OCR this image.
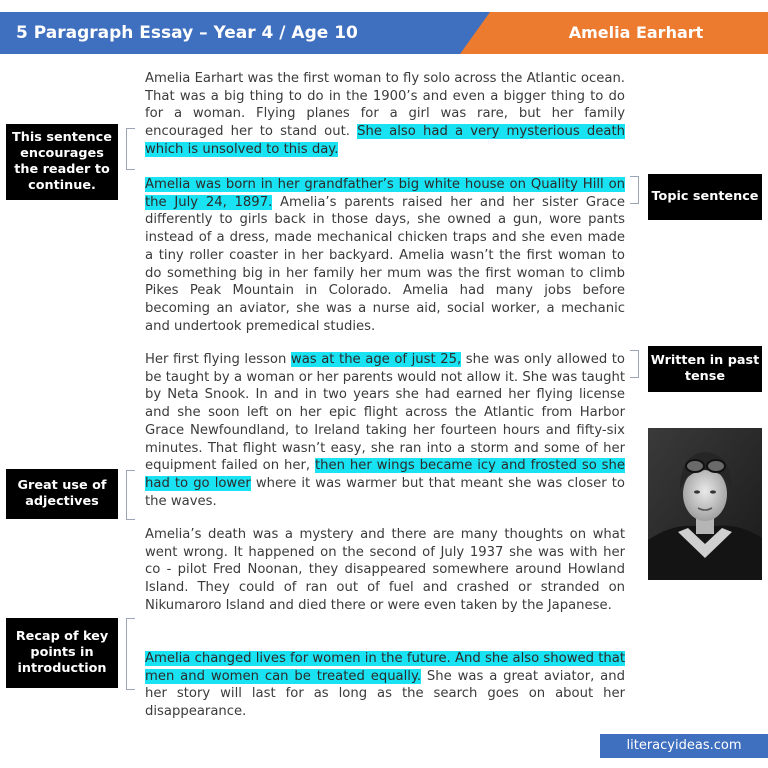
5 Paragraph Essay – Year 4 / Age 10	Amelia Earhart

Amelia Earhart was the first woman to fly solo across the Atlantic ocean. That was a big thing to do in the 1900’s and even a bigger thing to do for a woman. Flying planes for a girl was rare, but her family encouraged her to stand out. She also had a very mysterious death which is unsolved to this day.

Amelia was born in her grandfather’s big white house on Quality Hill on the July 24, 1897. Amelia’s parents raised her and her sister Grace differently to girls back in those days, she owned a gun, wore pants instead of a dress, made mechanical chicken traps and she even made a tiny roller coaster in her backyard. Amelia wasn’t the first woman to do something big in her family her mum was the first woman to climb Pikes Peak Mountain in Colorado. Amelia had many jobs before becoming an aviator, she was a nurse aid, social worker, a mechanic and undertook premedical studies.

Her first flying lesson was at the age of just 25, she was only allowed to be taught by a woman or her parents would not allow it. She was taught by Neta Snook. In and in two years she had earned her flying license and she soon left on her epic flight across the Atlantic from Harbor Grace Newfoundland, to Ireland taking her fourteen hours and fifty-six minutes. That flight wasn’t easy, she ran into a storm and some of her equipment failed on her, then her wings became icy and frosted so she had to go lower where it was warmer but that meant she was closer to the waves.

Amelia’s death was a mystery and there are many thoughts on what went wrong. It happened on the second of July 1937 she was with her co - pilot Fred Noonan, they disappeared somewhere around Howland Island. They could of ran out of fuel and crashed or stranded on Nikumaroro Island and died there or were even taken by the Japanese.

Amelia changed lives for women in the future. And she also showed that men and women can be treated equally. She was a great aviator, and her story will last for as long as the search goes on about her disappearance.

This sentence encourages the reader to continue.
Great use of adjectives
Recap of key points in introduction
Topic sentence
Written in past tense
literacyideas.com
